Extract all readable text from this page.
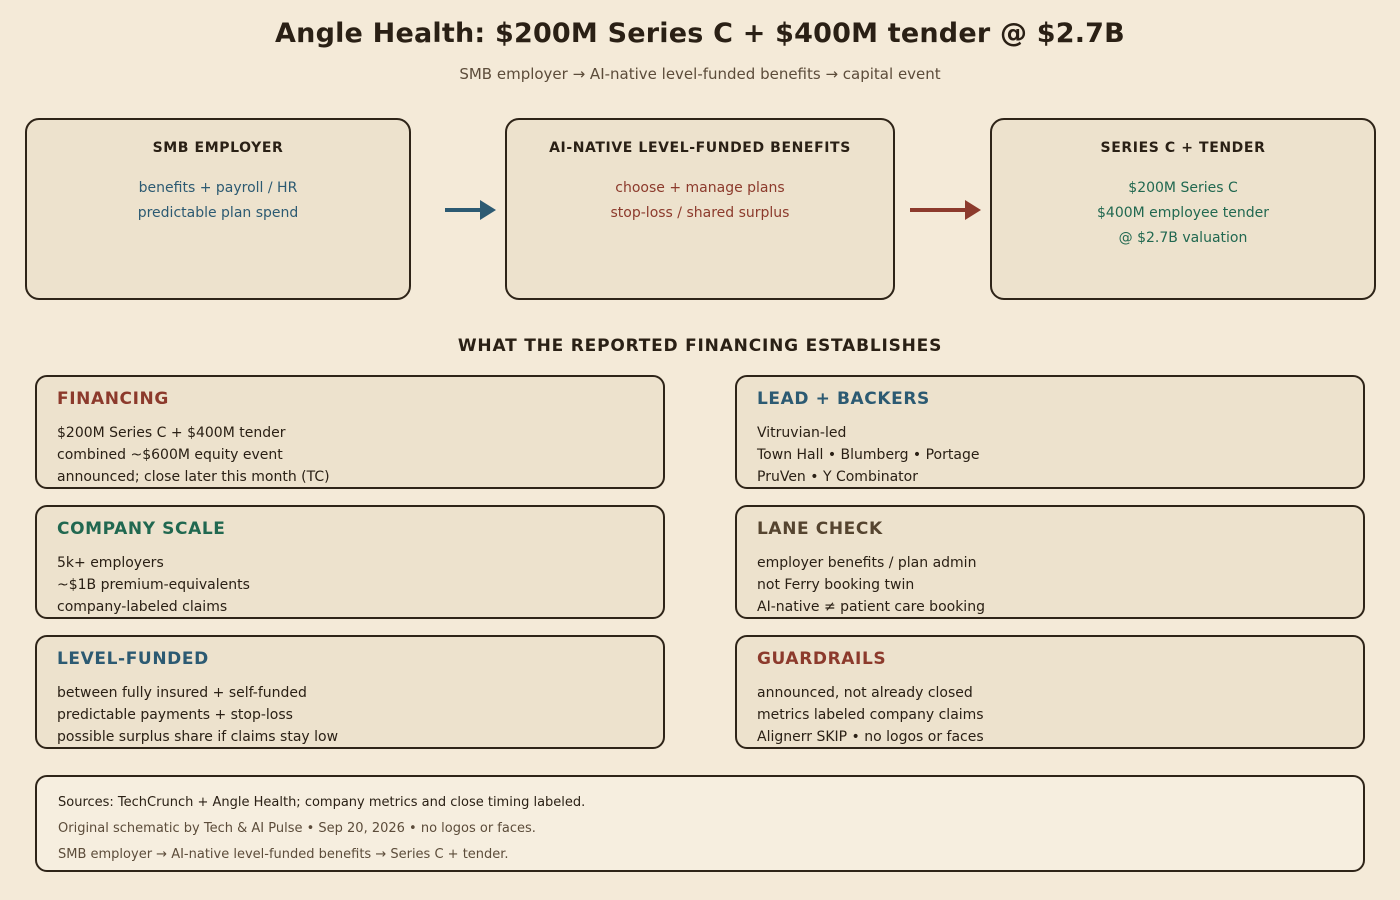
Angle Health: $200M Series C + $400M tender @ $2.7B
SMB employer → AI-native level-funded benefits → capital event
SMB EMPLOYER
benefits + payroll / HR
predictable plan spend
AI-NATIVE LEVEL-FUNDED BENEFITS
choose + manage plans
stop-loss / shared surplus
SERIES C + TENDER
$200M Series C
$400M employee tender
@ $2.7B valuation
WHAT THE REPORTED FINANCING ESTABLISHES
FINANCING
$200M Series C + $400M tender
combined ~$600M equity event
announced; close later this month (TC)
LEAD + BACKERS
Vitruvian-led
Town Hall • Blumberg • Portage
PruVen • Y Combinator
COMPANY SCALE
5k+ employers
~$1B premium-equivalents
company-labeled claims
LANE CHECK
employer benefits / plan admin
not Ferry booking twin
AI-native ≠ patient care booking
LEVEL-FUNDED
between fully insured + self-funded
predictable payments + stop-loss
possible surplus share if claims stay low
GUARDRAILS
announced, not already closed
metrics labeled company claims
Alignerr SKIP • no logos or faces
Sources: TechCrunch + Angle Health; company metrics and close timing labeled.
Original schematic by Tech & AI Pulse • Sep 20, 2026 • no logos or faces.
SMB employer → AI-native level-funded benefits → Series C + tender.
